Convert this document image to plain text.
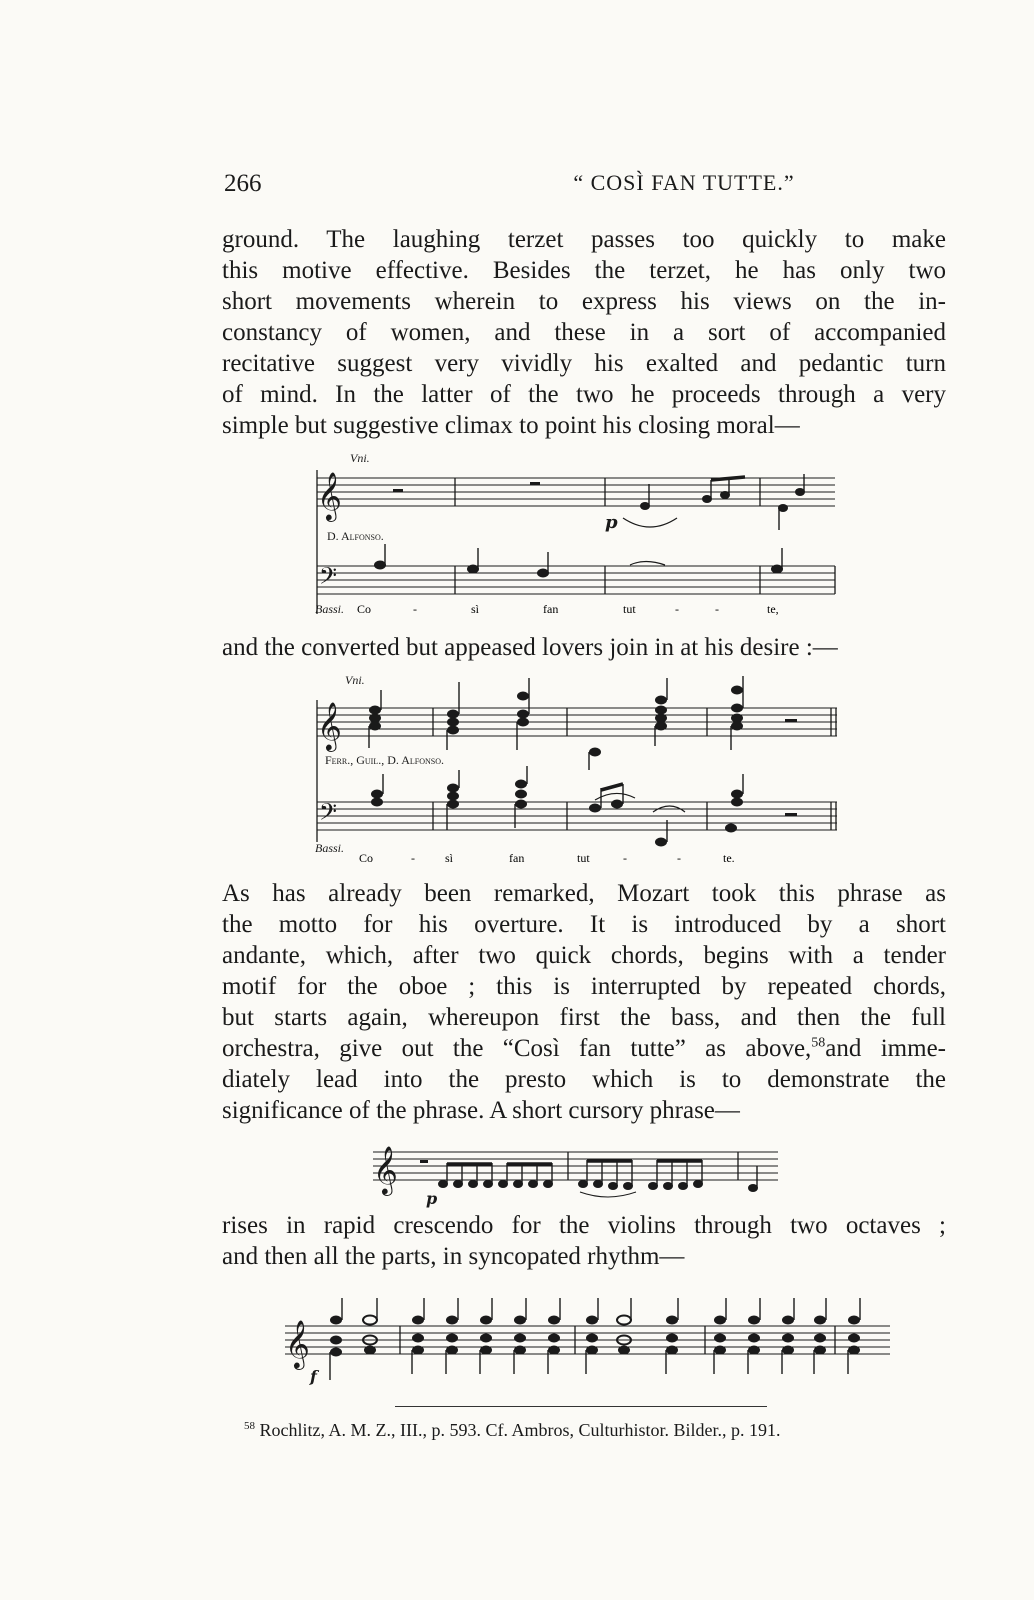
266	“ COSÌ FAN TUTTE.”
ground. The laughing terzet passes too quickly to make
this motive effective. Besides the terzet, he has only two
short movements wherein to express his views on the in-
constancy of women, and these in a sort of accompanied
recitative suggest very vividly his exalted and pedantic turn
of mind. In the latter of the two he proceeds through a very
simple but suggestive climax to point his closing moral—
Vni.
𝄞
p
D. Alfonso.
𝄢
Bassi. Co	-	sì	fan	tut	-	-	te,
and the converted but appeased lovers join in at his desire :—
Vni.
𝄞
Ferr., Guil., D. Alfonso.
𝄢
Bassi.
Co	-	sì	fan	tut	-	-	te.
As has already been remarked, Mozart took this phrase as
the motto for his overture. It is introduced by a short
andante, which, after two quick chords, begins with a tender
motif for the oboe ; this is interrupted by repeated chords,
but starts again, whereupon first the bass, and then the full
orchestra, give out the “Così fan tutte” as above,$^{58}$and imme-
diately lead into the presto which is to demonstrate the
significance of the phrase. A short cursory phrase—
𝄞
p
rises in rapid crescendo for the violins through two octaves ;
and then all the parts, in syncopated rhythm—
𝄞
f
$^{58}$ Rochlitz, A. M. Z., III., p. 593. Cf. Ambros, Culturhistor. Bilder., p. 191.
